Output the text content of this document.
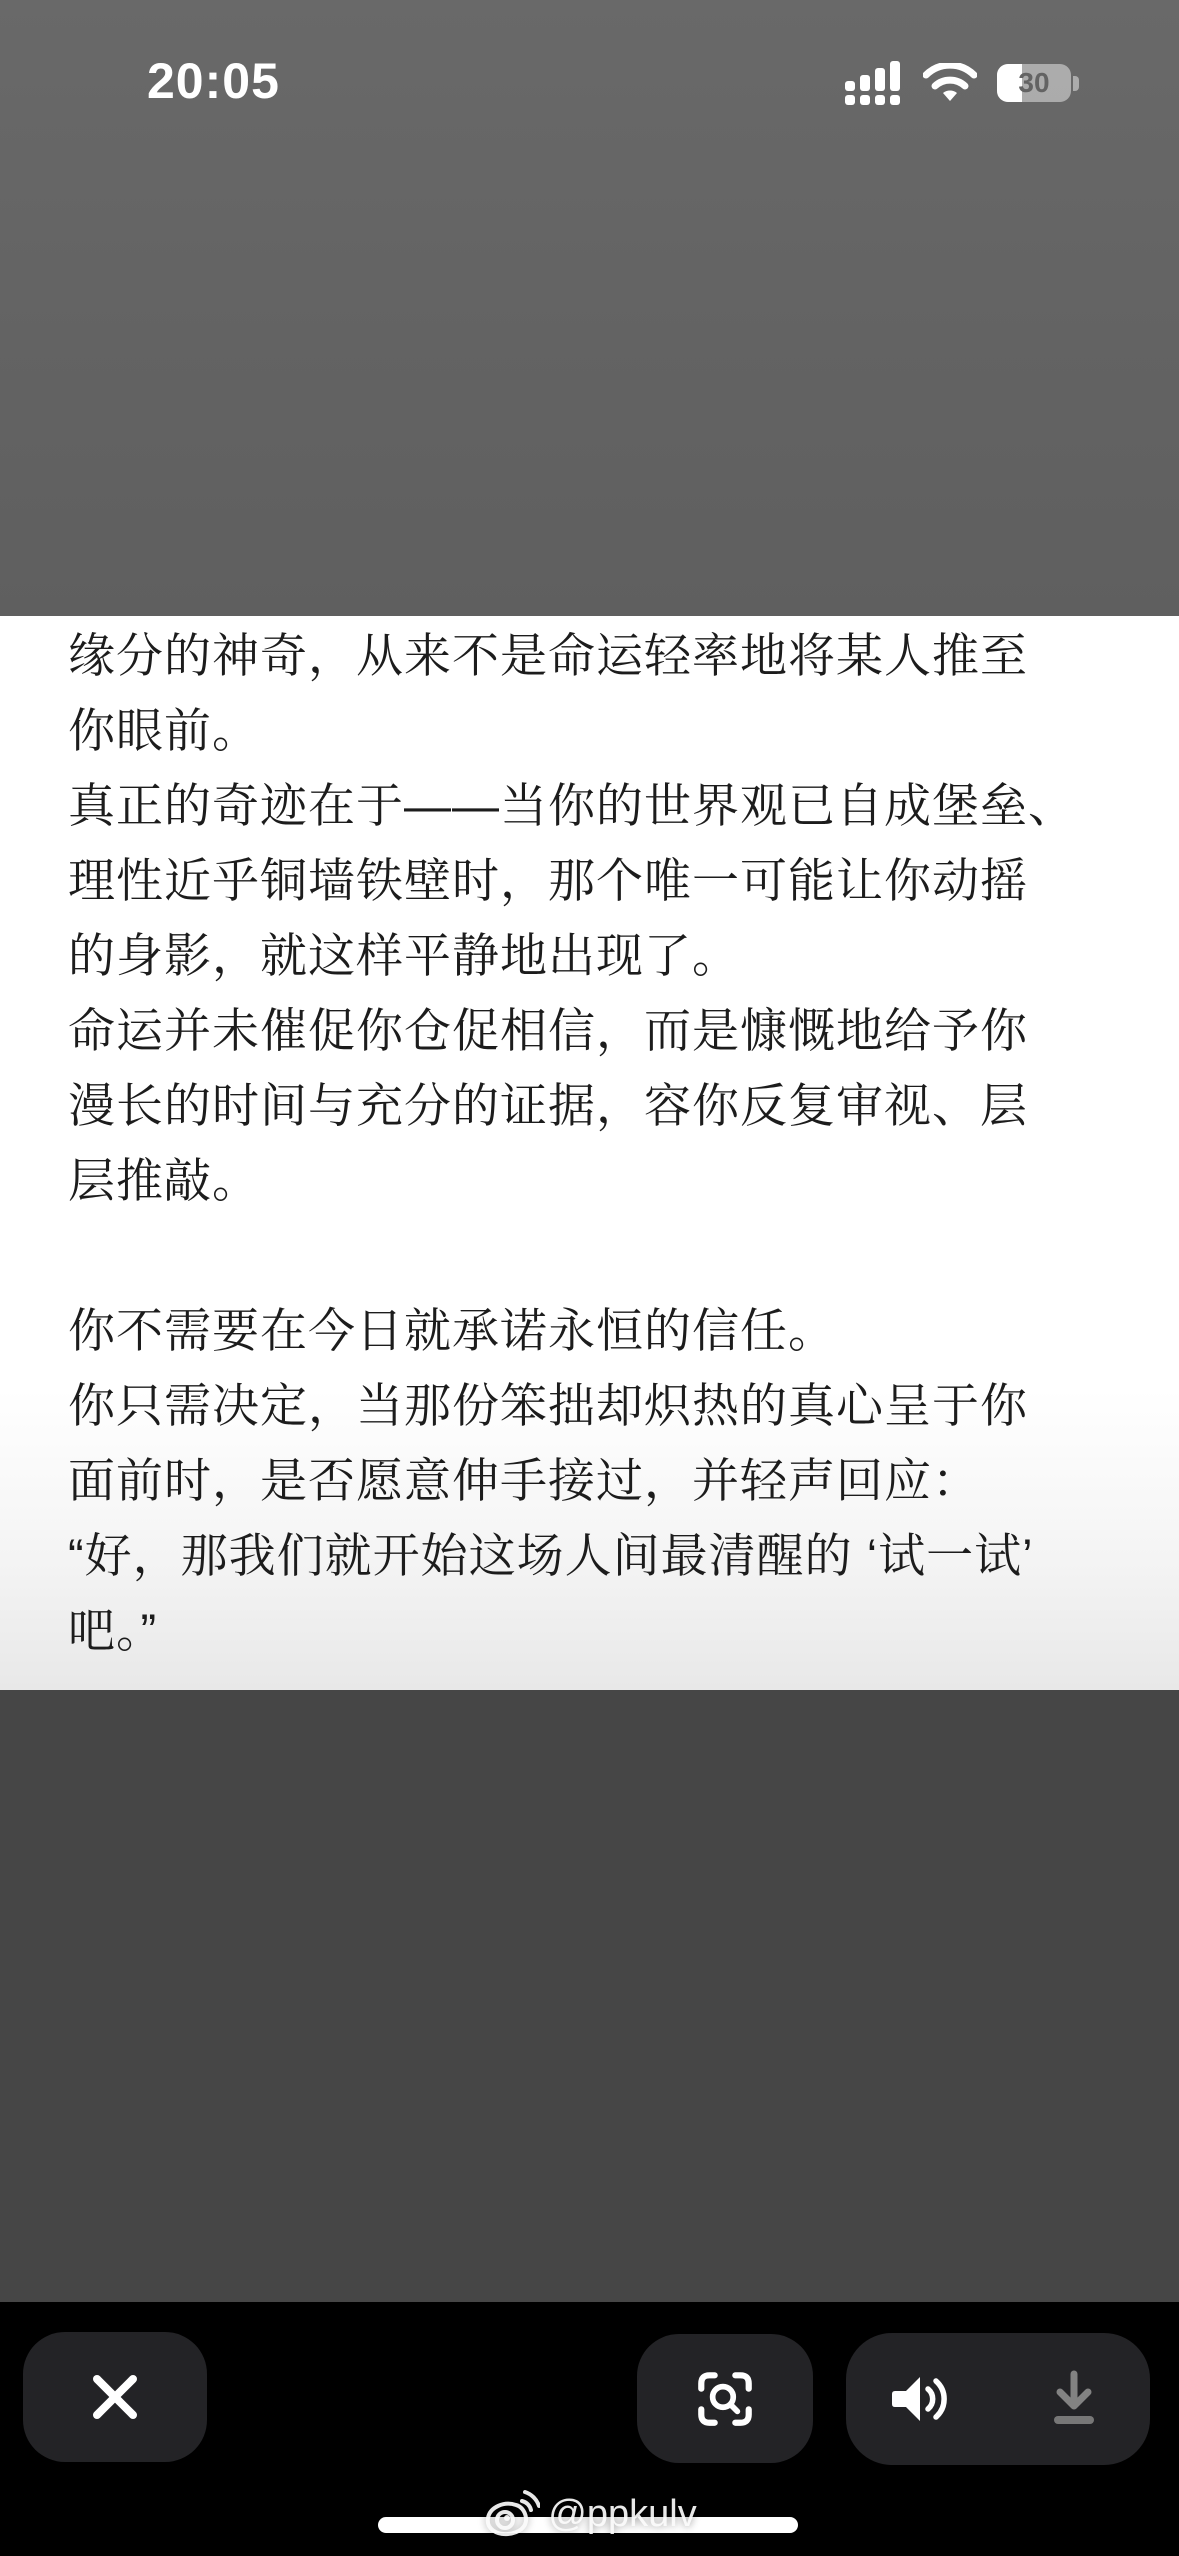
20:05	30
缘分的神奇，从来不是命运轻率地将某人推至
你眼前。
真正的奇迹在于——当你的世界观已自成堡垒、
理性近乎铜墙铁壁时，那个唯一可能让你动摇
的身影，就这样平静地出现了。
命运并未催促你仓促相信，而是慷慨地给予你
漫长的时间与充分的证据，容你反复审视、层
层推敲。
你不需要在今日就承诺永恒的信任。
你只需决定，当那份笨拙却炽热的真心呈于你
面前时，是否愿意伸手接过，并轻声回应：
“好，那我们就开始这场人间最清醒的 ‘试一试’
吧。”
@ppkulv
